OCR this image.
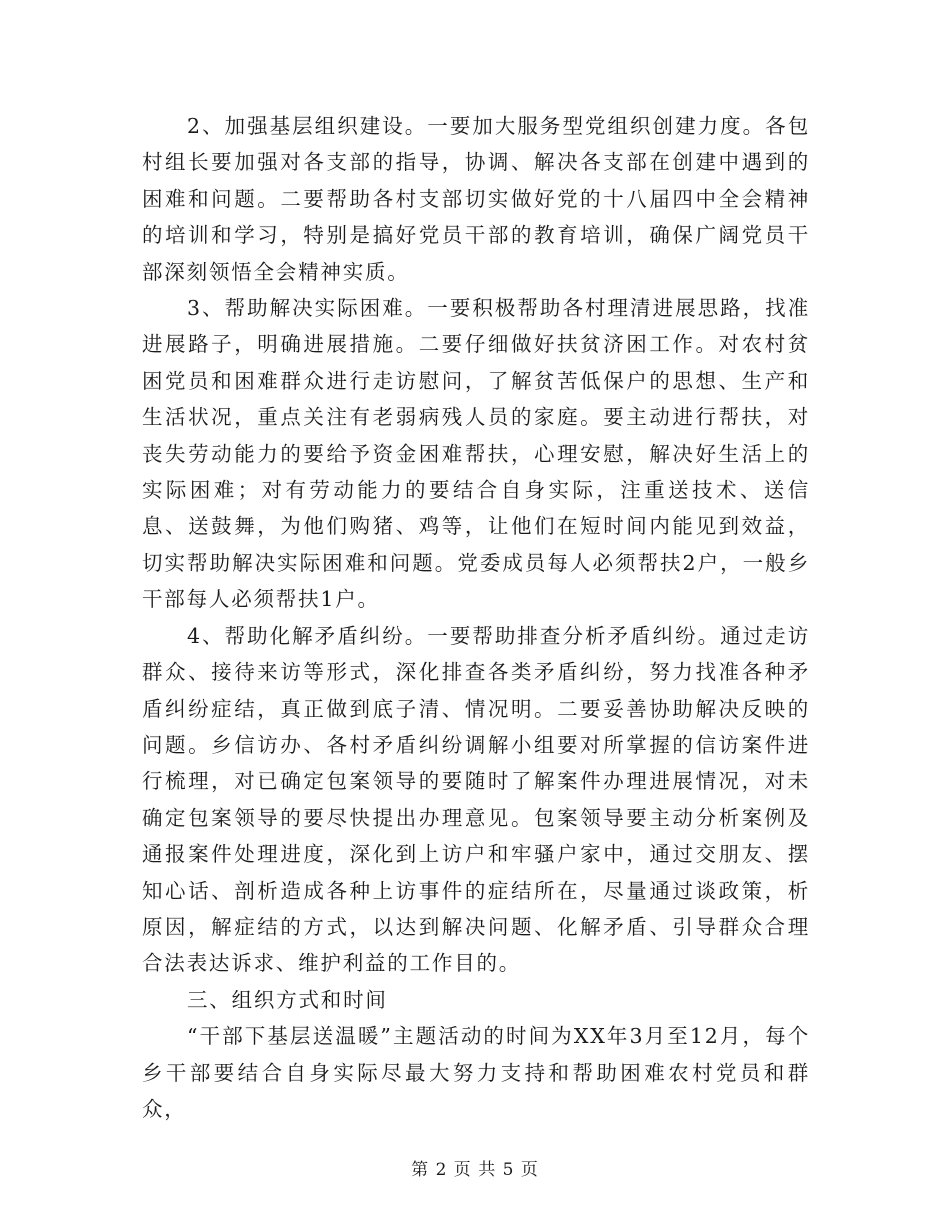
2、加强基层组织建设。一要加大服务型党组织创建力度。各包村组长要加强对各支部的指导，协调、解决各支部在创建中遇到的困难和问题。二要帮助各村支部切实做好党的十八届四中全会精神的培训和学习，特别是搞好党员干部的教育培训，确保广阔党员干部深刻领悟全会精神实质。

3、帮助解决实际困难。一要积极帮助各村理清进展思路，找准进展路子，明确进展措施。二要仔细做好扶贫济困工作。对农村贫困党员和困难群众进行走访慰问，了解贫苦低保户的思想、生产和生活状况，重点关注有老弱病残人员的家庭。要主动进行帮扶，对丧失劳动能力的要给予资金困难帮扶，心理安慰，解决好生活上的实际困难；对有劳动能力的要结合自身实际，注重送技术、送信息、送鼓舞，为他们购猪、鸡等，让他们在短时间内能见到效益，切实帮助解决实际困难和问题。党委成员每人必须帮扶2户，一般乡干部每人必须帮扶1户。

4、帮助化解矛盾纠纷。一要帮助排查分析矛盾纠纷。通过走访群众、接待来访等形式，深化排查各类矛盾纠纷，努力找准各种矛盾纠纷症结，真正做到底子清、情况明。二要妥善协助解决反映的问题。乡信访办、各村矛盾纠纷调解小组要对所掌握的信访案件进行梳理，对已确定包案领导的要随时了解案件办理进展情况，对未确定包案领导的要尽快提出办理意见。包案领导要主动分析案例及通报案件处理进度，深化到上访户和牢骚户家中，通过交朋友、摆知心话、剖析造成各种上访事件的症结所在，尽量通过谈政策，析原因，解症结的方式，以达到解决问题、化解矛盾、引导群众合理合法表达诉求、维护利益的工作目的。

三、组织方式和时间

“干部下基层送温暖”主题活动的时间为XX年3月至12月，每个乡干部要结合自身实际尽最大努力支持和帮助困难农村党员和群众，

第 2 页 共 5 页
